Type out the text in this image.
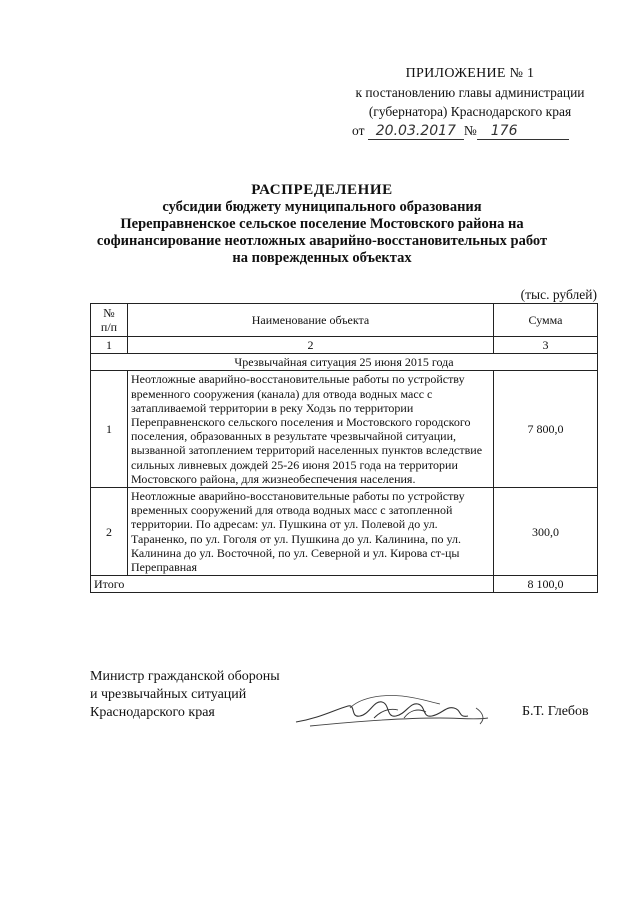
ПРИЛОЖЕНИЕ № 1
к постановлению главы администрации
(губернатора) Краснодарского края
от 20.03.2017 № 176
РАСПРЕДЕЛЕНИЕ
субсидии бюджету муниципального образования
Переправненское сельское поселение Мостовского района на
софинансирование неотложных аварийно-восстановительных работ
на поврежденных объектах
(тыс. рублей)
№
п/п	Наименование объекта	Сумма
1	2	3
Чрезвычайная ситуация 25 июня 2015 года		
1	Неотложные аварийно-восстановительные работы по устройству временного сооружения (канала) для отвода водных масс с затапливаемой территории в реку Ходзь по территории Переправненского сельского поселения и Мостовского городского поселения, образованных в результате чрезвычайной ситуации, вызванной затоплением территорий населенных пунктов вследствие сильных ливневых дождей 25-26 июня 2015 года на территории Мостовского района, для жизнеобеспечения населения.	7 800,0
2	Неотложные аварийно-восстановительные работы по устройству временных сооружений для отвода водных масс с затопленной территории. По адресам: ул. Пушкина от ул. Полевой до ул. Тараненко, по ул. Гоголя от ул. Пушкина до ул. Калинина, по ул. Калинина до ул. Восточной, по ул. Северной и ул. Кирова ст-цы Переправная	300,0
Итого		8 100,0
Министр гражданской обороны
и чрезвычайных ситуаций
Краснодарского края	Б.Т. Глебов
